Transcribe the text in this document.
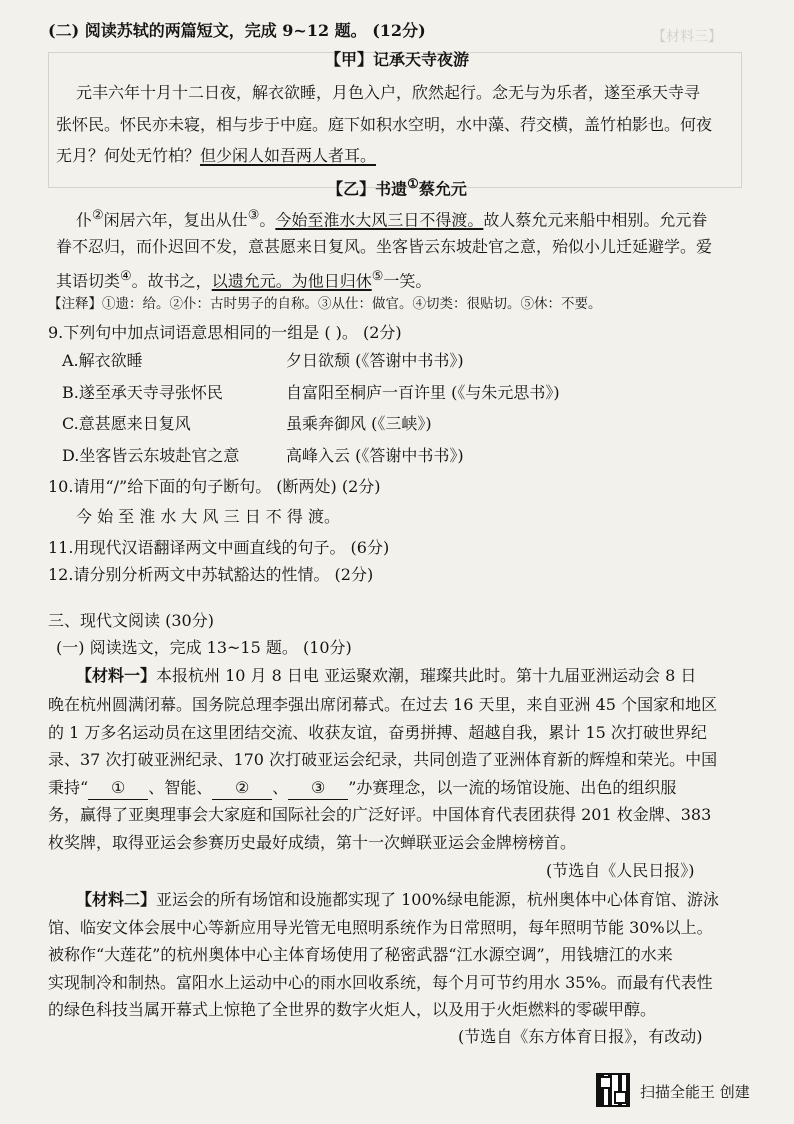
【材料三】
(二) 阅读苏轼的两篇短文，完成 9~12 题。 (12分)
【甲】记承天寺夜游
元丰六年十月十二日夜，解衣欲睡，月色入户，欣然起行。念无与为乐者，遂至承天寺寻
张怀民。怀民亦未寝，相与步于中庭。庭下如积水空明，水中藻、荇交横，盖竹柏影也。何夜
无月？何处无竹柏？但少闲人如吾两人者耳。
【乙】书遗①蔡允元
仆②闲居六年，复出从仕③。今始至淮水大风三日不得渡。故人蔡允元来船中相别。允元眷
眷不忍归，而仆迟回不发，意甚愿来日复风。坐客皆云东坡赴官之意，殆似小儿迁延避学。爱
其语切类④。故书之，以遗允元。为他日归休⑤一笑。
【注释】①遗：给。②仆：古时男子的自称。③从仕：做官。④切类：很贴切。⑤休：不要。
9.下列句中加点词语意思相同的一组是 ( )。 (2分)
A.解衣欲睡	夕日欲颓 (《答谢中书书》)
B.遂至承天寺寻张怀民	自富阳至桐庐一百许里 (《与朱元思书》)
C.意甚愿来日复风	虽乘奔御风 (《三峡》)
D.坐客皆云东坡赴官之意	高峰入云 (《答谢中书书》)
10.请用“/”给下面的句子断句。 (断两处) (2分)
今 始 至 淮 水 大 风 三 日 不 得 渡。
11.用现代汉语翻译两文中画直线的句子。 (6分)
12.请分别分析两文中苏轼豁达的性情。 (2分)
三、现代文阅读 (30分)
(一) 阅读选文，完成 13~15 题。 (10分)
【材料一】本报杭州 10 月 8 日电 亚运聚欢潮，璀璨共此时。第十九届亚洲运动会 8 日
晚在杭州圆满闭幕。国务院总理李强出席闭幕式。在过去 16 天里，来自亚洲 45 个国家和地区
的 1 万多名运动员在这里团结交流、收获友谊，奋勇拼搏、超越自我，累计 15 次打破世界纪
录、37 次打破亚洲纪录、170 次打破亚运会纪录，共同创造了亚洲体育新的辉煌和荣光。中国
秉持“ ① 、智能、 ② 、 ③ ”办赛理念，以一流的场馆设施、出色的组织服
务，赢得了亚奥理事会大家庭和国际社会的广泛好评。中国体育代表团获得 201 枚金牌、383
枚奖牌，取得亚运会参赛历史最好成绩，第十一次蝉联亚运会金牌榜榜首。
(节选自《人民日报》)
【材料二】亚运会的所有场馆和设施都实现了 100%绿电能源，杭州奥体中心体育馆、游泳
馆、临安文体会展中心等新应用导光管无电照明系统作为日常照明，每年照明节能 30%以上。
被称作“大莲花”的杭州奥体中心主体育场使用了秘密武器“江水源空调”，用钱塘江的水来
实现制冷和制热。富阳水上运动中心的雨水回收系统，每个月可节约用水 35%。而最有代表性
的绿色科技当属开幕式上惊艳了全世界的数字火炬人，以及用于火炬燃料的零碳甲醇。
(节选自《东方体育日报》，有改动)
扫描全能王 创建
